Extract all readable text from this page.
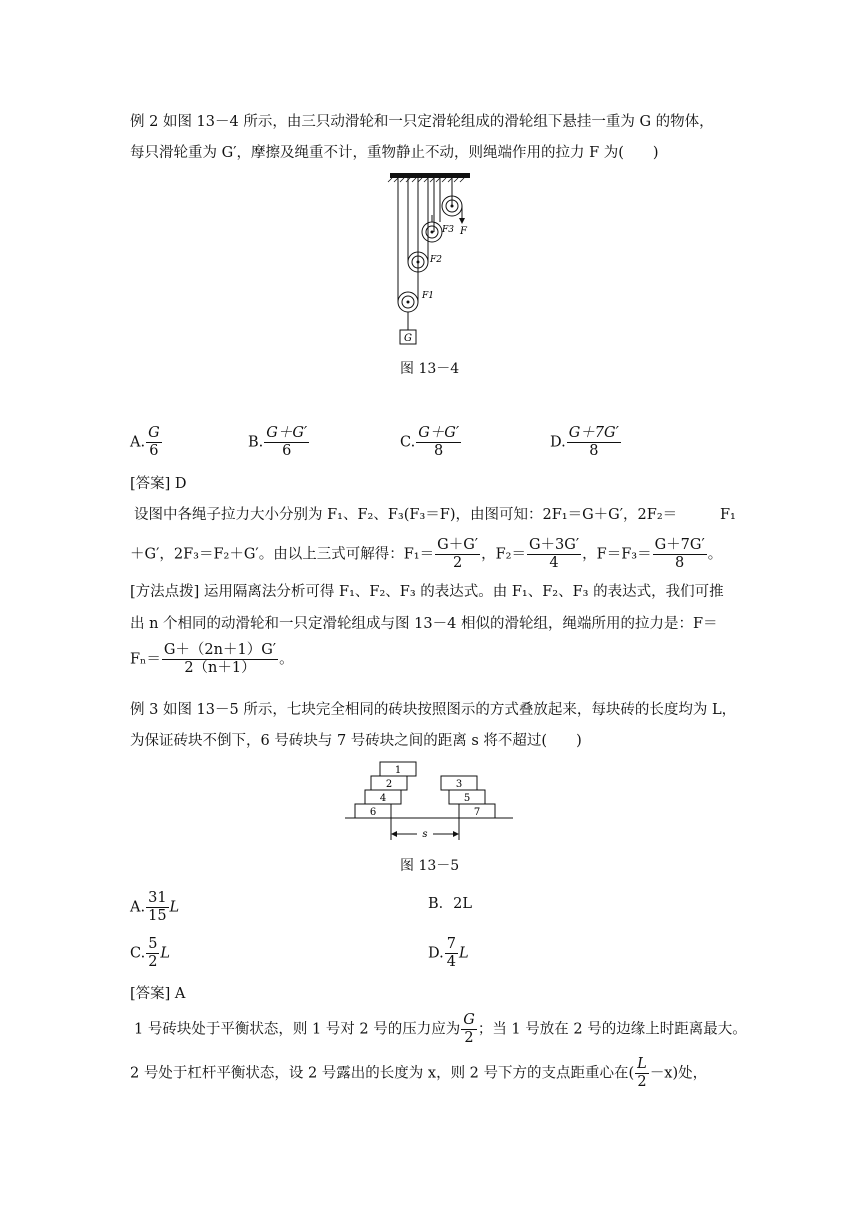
例 2 如图 13－4 所示，由三只动滑轮和一只定滑轮组成的滑轮组下悬挂一重为 G 的物体，
每只滑轮重为 G′，摩擦及绳重不计，重物静止不动，则绳端作用的拉力 F 为(　　)
F
F3
F2
F1
G
图 13－4
A. $\frac{G}{6}$	B. $\frac{G+G'}{6}$	C. $\frac{G+G'}{8}$	D. $\frac{G+7G'}{8}$
[答案] D
设图中各绳子拉力大小分别为 F₁、F₂、F₃(F₃＝F)，由图可知：2F₁＝G＋G′，2F₂＝	F₁
＋G′，2F₃＝F₂＋G′。由以上三式可解得：$F_1= \frac{G+G'}{2}$ ，$F_2= \frac{G+3G'}{4}$ ，$F=F_3= \frac{G+7G'}{8}$ 。
[方法点拨] 运用隔离法分析可得 F₁、F₂、F₃ 的表达式。由 F₁、F₂、F₃ 的表达式，我们可推
出 n 个相同的动滑轮和一只定滑轮组成与图 13－4 相似的滑轮组，绳端所用的拉力是：F＝
$F_n= \frac{G+(2n+1)G'}{2(n+1)}$ 。
例 3 如图 13－5 所示，七块完全相同的砖块按照图示的方式叠放起来，每块砖的长度均为 L，
为保证砖块不倒下，6 号砖块与 7 号砖块之间的距离 s 将不超过(　　)
1
2	3
4	5
6	7
s
图 13－5
A. $\frac{31}{15}$ L	B．2L
C. $\frac{5}{2}$ L	D. $\frac{7}{4}$ L
[答案] A
1 号砖块处于平衡状态，则 1 号对 2 号的压力应为 $\frac{G}{2}$ ；当 1 号放在 2 号的边缘上时距离最大。
2 号处于杠杆平衡状态，设 2 号露出的长度为 x，则 2 号下方的支点距重心在( $\frac{L}{2} -x$)处，
